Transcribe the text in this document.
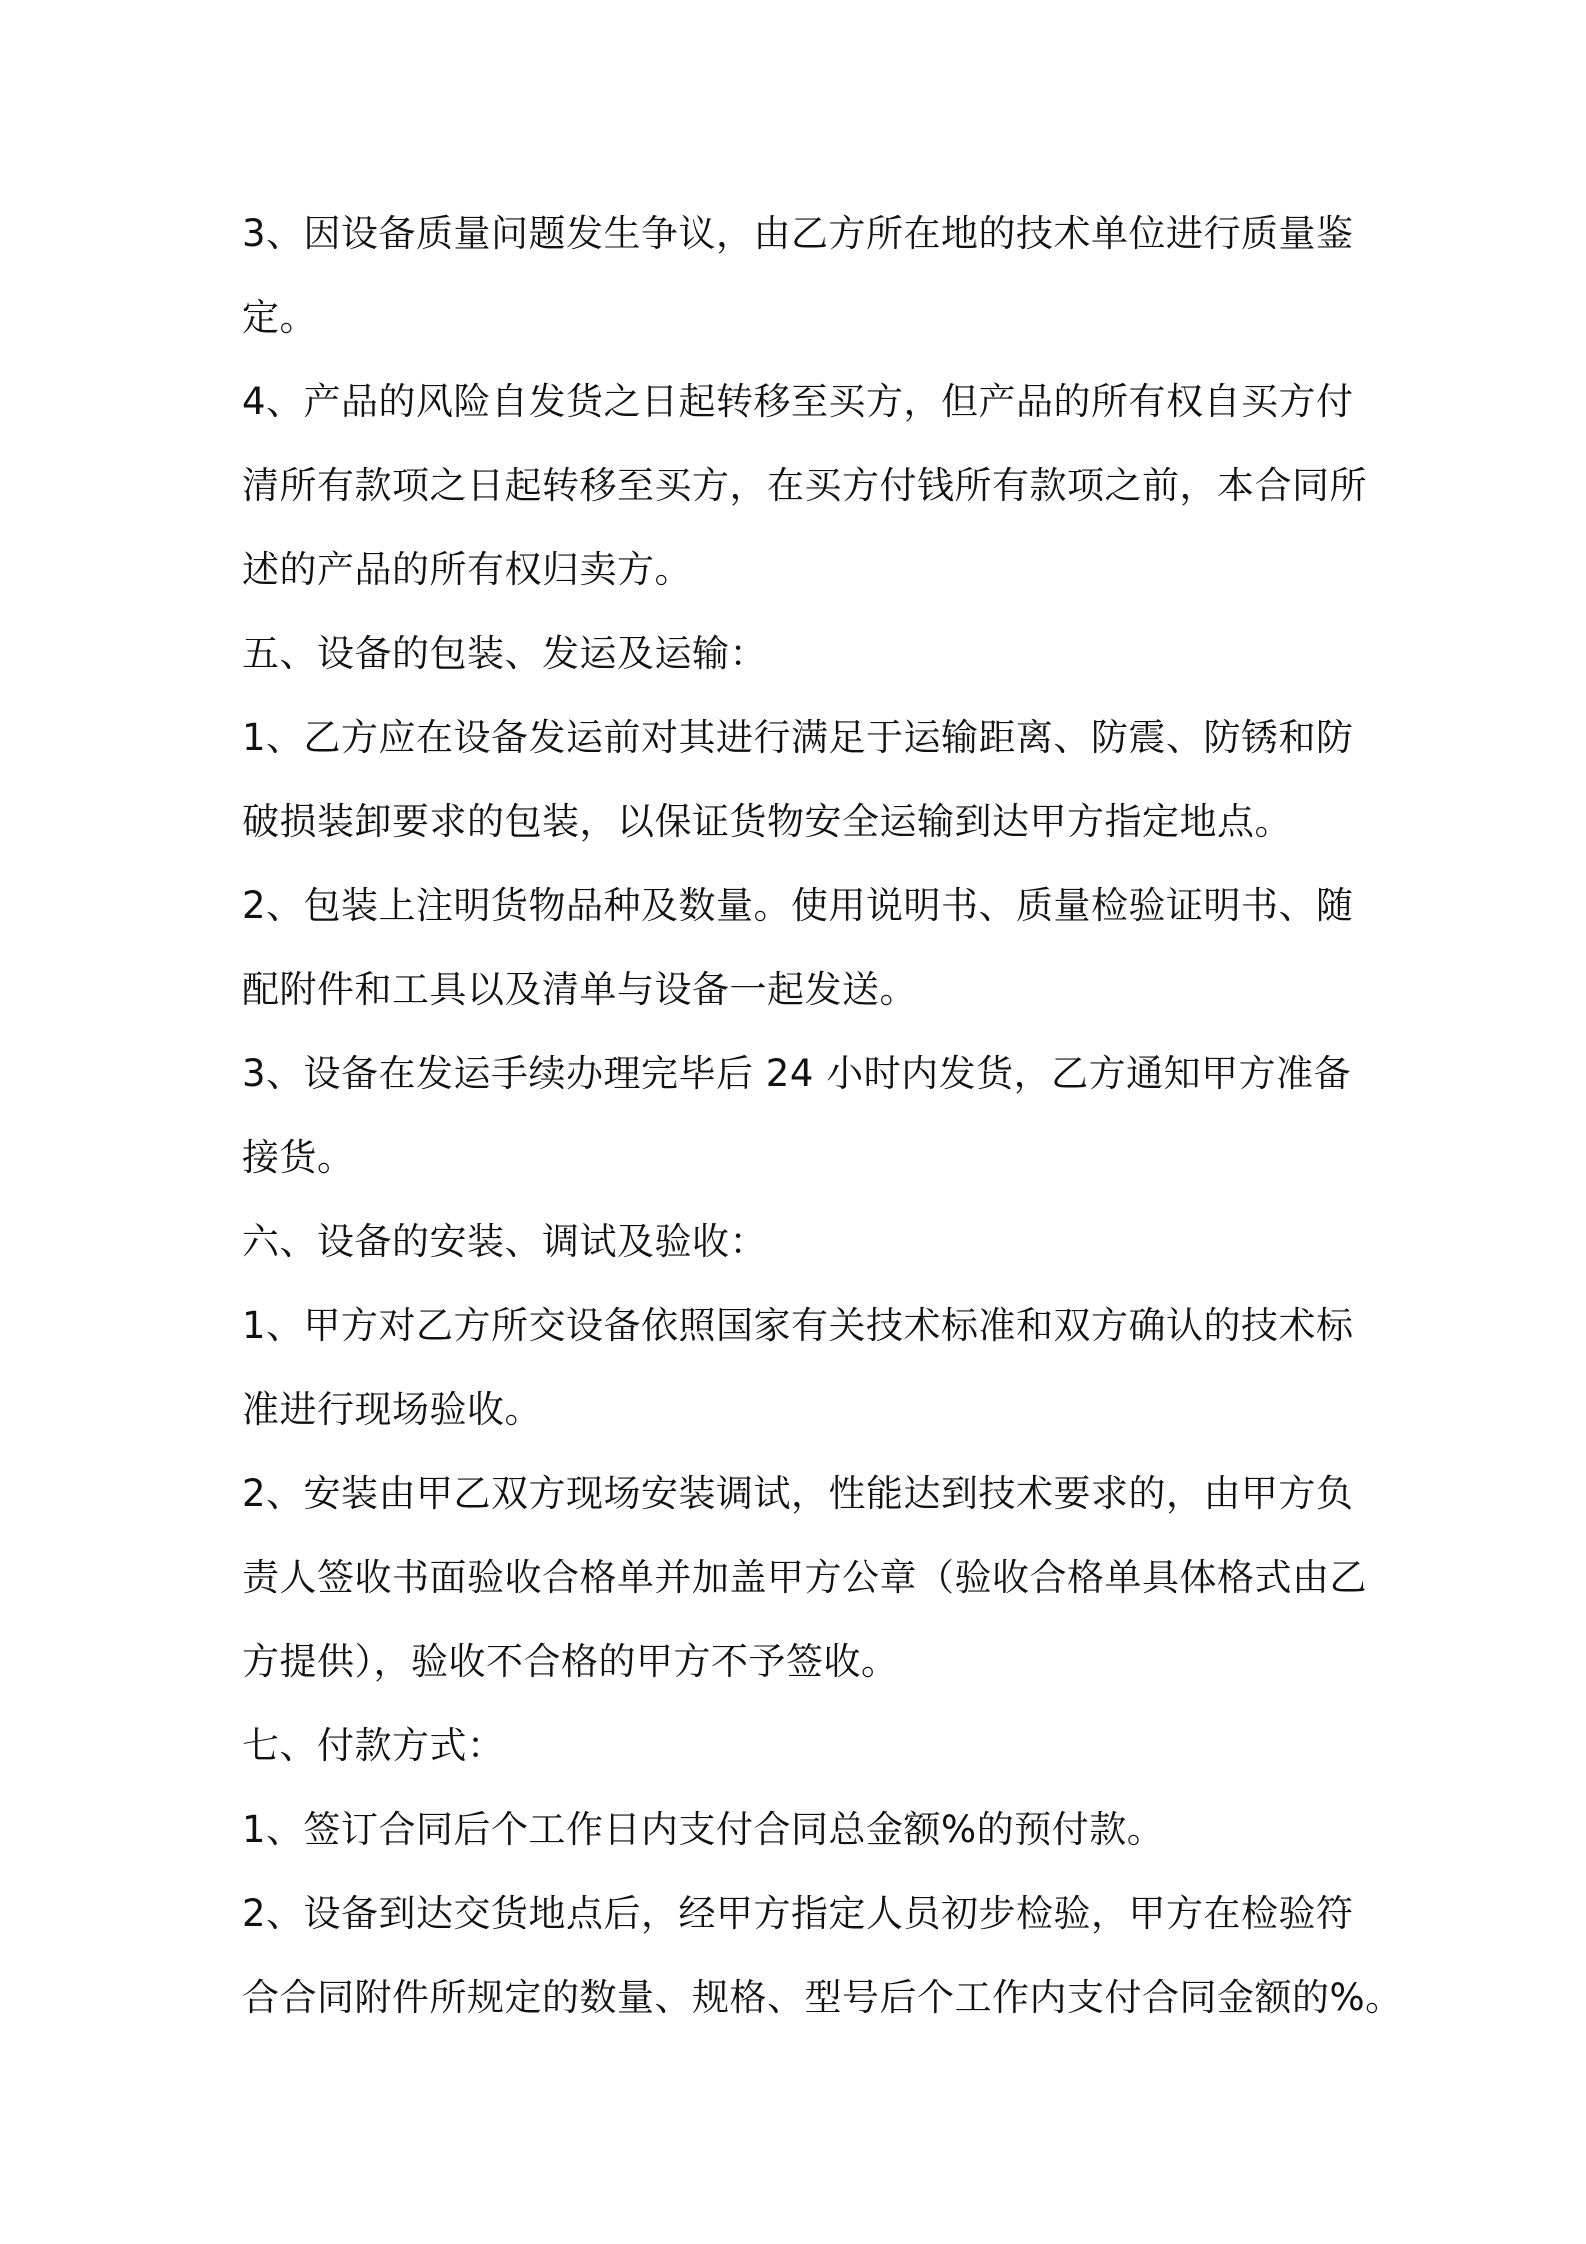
3、因设备质量问题发生争议，由乙方所在地的技术单位进行质量鉴
定。
4、产品的风险自发货之日起转移至买方，但产品的所有权自买方付
清所有款项之日起转移至买方，在买方付钱所有款项之前，本合同所
述的产品的所有权归卖方。
五、设备的包装、发运及运输：
1、乙方应在设备发运前对其进行满足于运输距离、防震、防锈和防
破损装卸要求的包装，以保证货物安全运输到达甲方指定地点。
2、包装上注明货物品种及数量。使用说明书、质量检验证明书、随
配附件和工具以及清单与设备一起发送。
3、设备在发运手续办理完毕后 24 小时内发货，乙方通知甲方准备
接货。
六、设备的安装、调试及验收：
1、甲方对乙方所交设备依照国家有关技术标准和双方确认的技术标
准进行现场验收。
2、安装由甲乙双方现场安装调试，性能达到技术要求的，由甲方负
责人签收书面验收合格单并加盖甲方公章（验收合格单具体格式由乙
方提供），验收不合格的甲方不予签收。
七、付款方式：
1、签订合同后个工作日内支付合同总金额%的预付款。
2、设备到达交货地点后，经甲方指定人员初步检验，甲方在检验符
合合同附件所规定的数量、规格、型号后个工作内支付合同金额的%。
